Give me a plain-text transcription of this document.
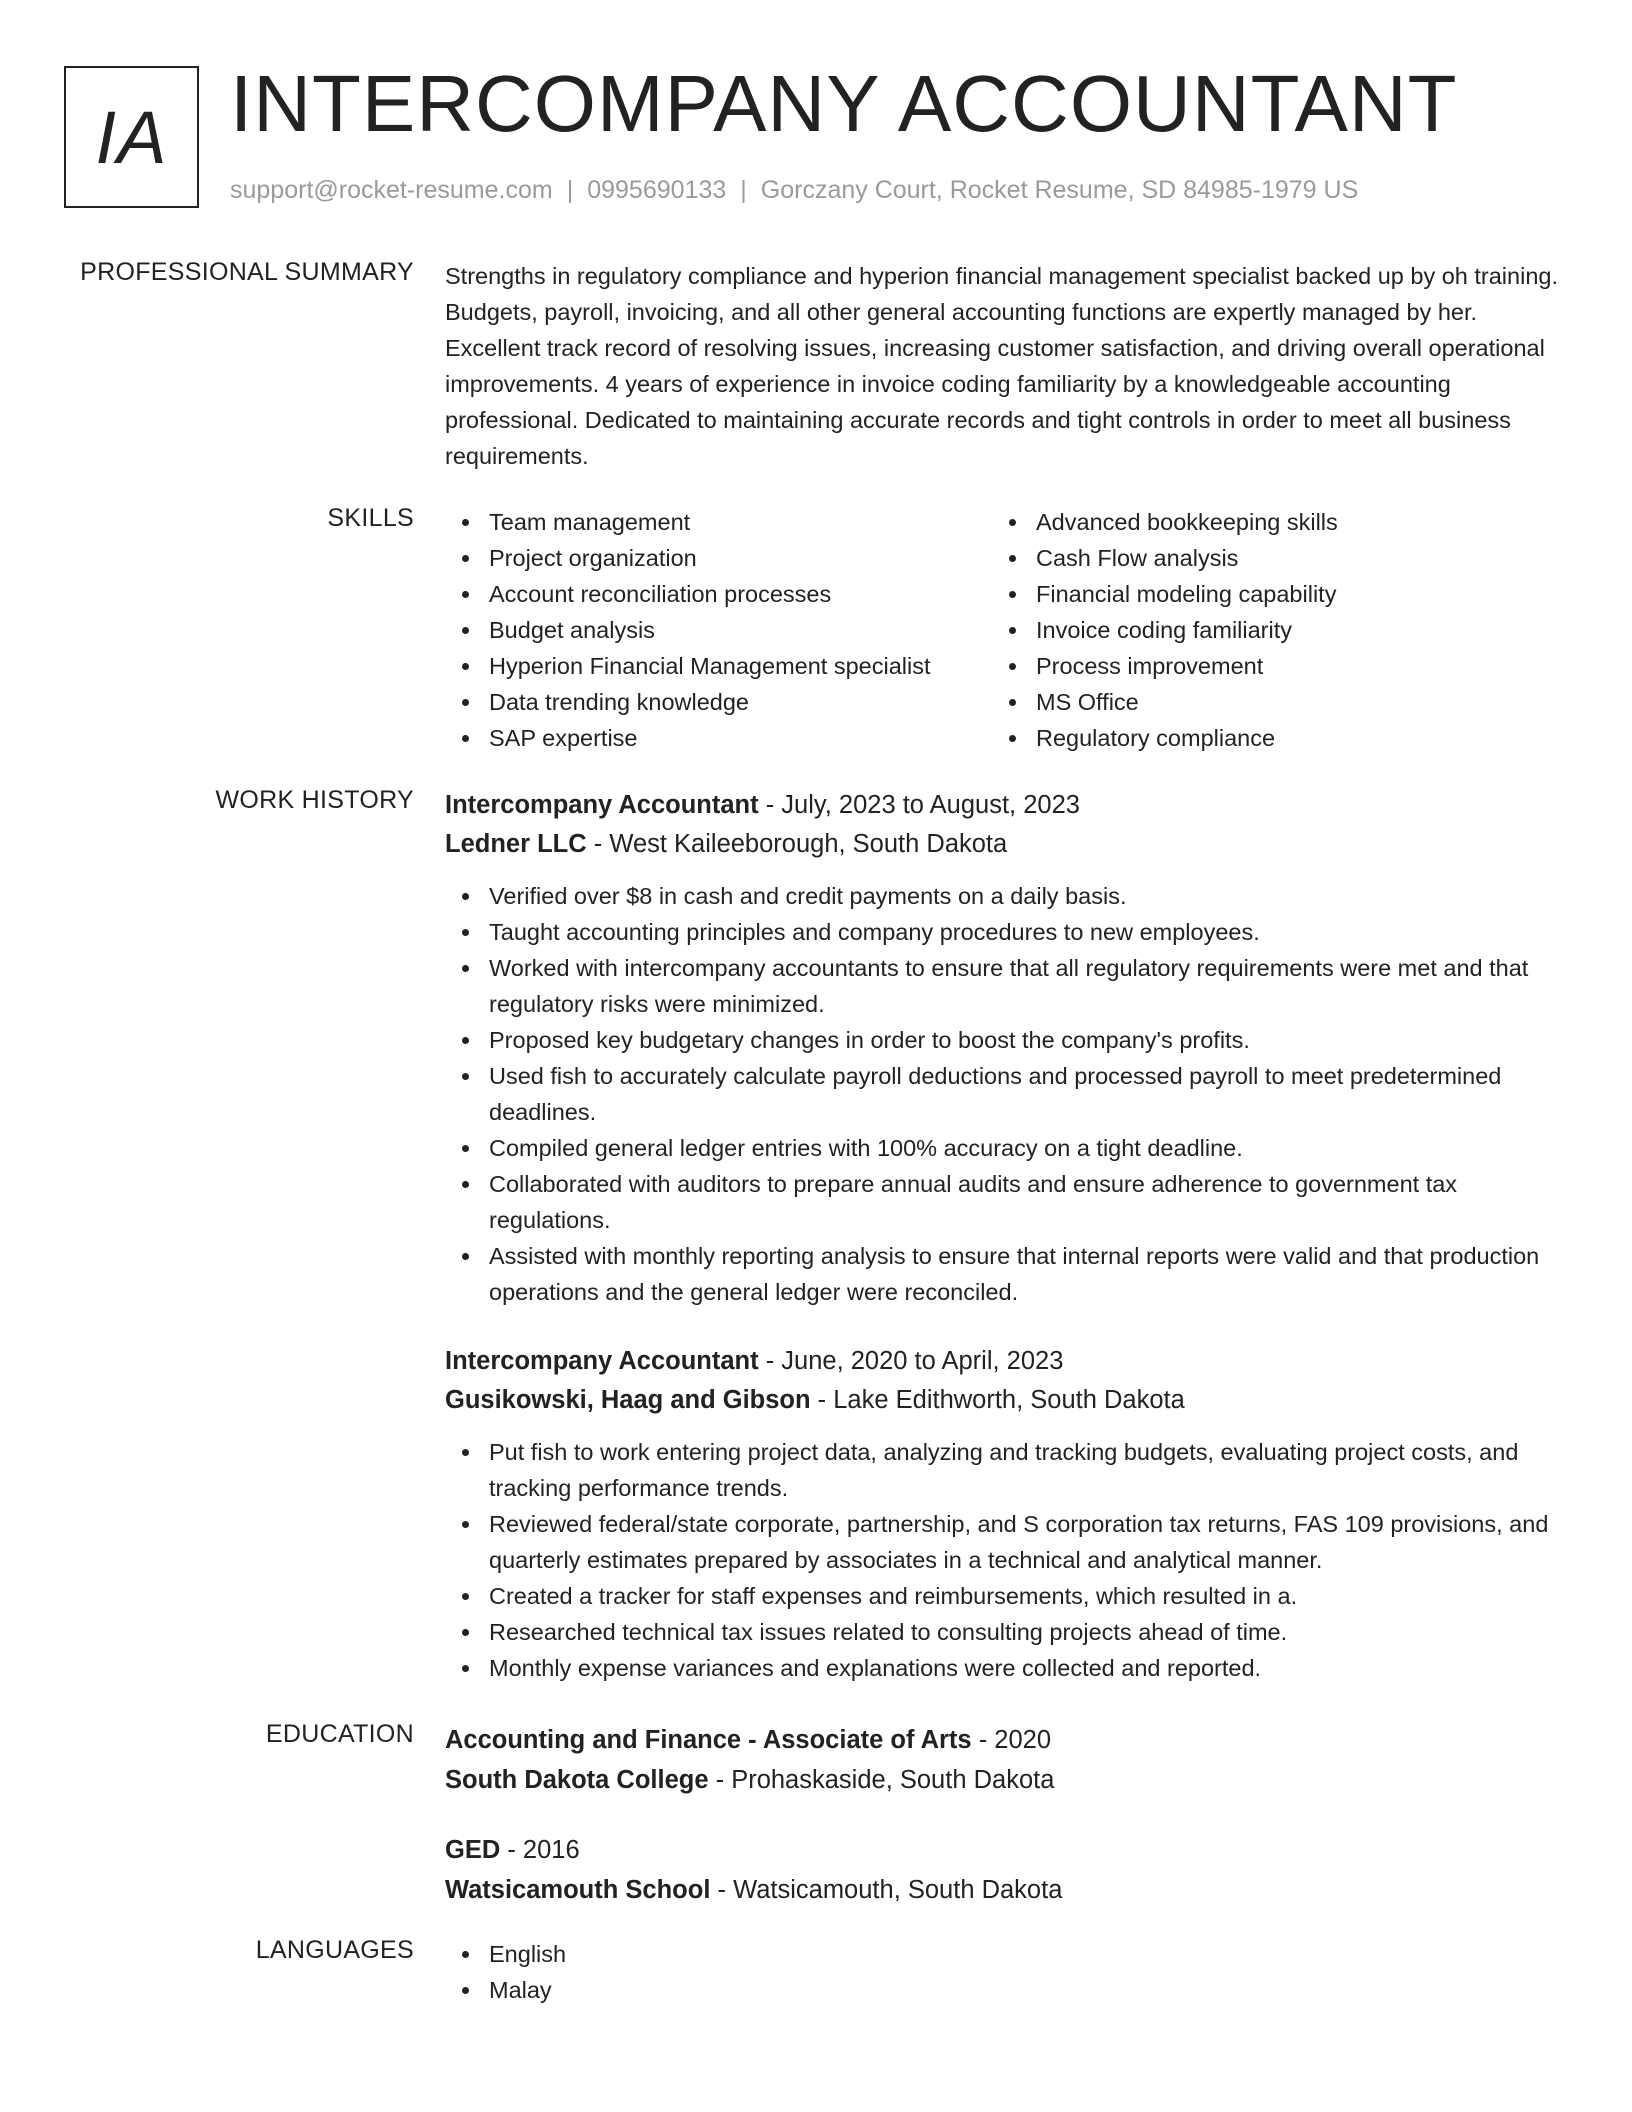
IA INTERCOMPANY ACCOUNTANT
support@rocket-resume.com | 0995690133 | Gorczany Court, Rocket Resume, SD 84985-1979 US
PROFESSIONAL SUMMARY Strengths in regulatory compliance and hyperion financial management specialist backed up by oh training. Budgets, payroll, invoicing, and all other general accounting functions are expertly managed by her. Excellent track record of resolving issues, increasing customer satisfaction, and driving overall operational improvements. 4 years of experience in invoice coding familiarity by a knowledgeable accounting professional. Dedicated to maintaining accurate records and tight controls in order to meet all business requirements.
SKILLS	Team management
Project organization
Account reconciliation processes
Budget analysis
Hyperion Financial Management specialist
Data trending knowledge
SAP expertise
Advanced bookkeeping skills
Cash Flow analysis
Financial modeling capability
Invoice coding familiarity
Process improvement
MS Office
Regulatory compliance
WORK HISTORY Intercompany Accountant - July, 2023 to August, 2023
Ledner LLC - West Kaileeborough, South Dakota
Verified over $8 in cash and credit payments on a daily basis.
Taught accounting principles and company procedures to new employees.
Worked with intercompany accountants to ensure that all regulatory requirements were met and that regulatory risks were minimized.
Proposed key budgetary changes in order to boost the company's profits.
Used fish to accurately calculate payroll deductions and processed payroll to meet predetermined deadlines.
Compiled general ledger entries with 100% accuracy on a tight deadline.
Collaborated with auditors to prepare annual audits and ensure adherence to government tax regulations.
Assisted with monthly reporting analysis to ensure that internal reports were valid and that production operations and the general ledger were reconciled.
Intercompany Accountant - June, 2020 to April, 2023
Gusikowski, Haag and Gibson - Lake Edithworth, South Dakota
Put fish to work entering project data, analyzing and tracking budgets, evaluating project costs, and tracking performance trends.
Reviewed federal/state corporate, partnership, and S corporation tax returns, FAS 109 provisions, and quarterly estimates prepared by associates in a technical and analytical manner.
Created a tracker for staff expenses and reimbursements, which resulted in a.
Researched technical tax issues related to consulting projects ahead of time.
Monthly expense variances and explanations were collected and reported.
EDUCATION Accounting and Finance - Associate of Arts - 2020
South Dakota College - Prohaskaside, South Dakota
GED - 2016
Watsicamouth School - Watsicamouth, South Dakota
LANGUAGES	English
Malay
